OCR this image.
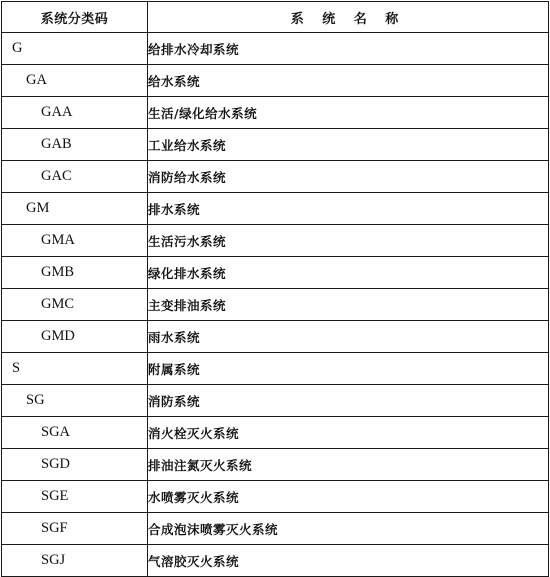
系统分类码	系 统 名 称
G	给排水冷却系统
GA	给水系统
GAA	生活/绿化给水系统
GAB	工业给水系统
GAC	消防给水系统
GM	排水系统
GMA	生活污水系统
GMB	绿化排水系统
GMC	主变排油系统
GMD	雨水系统
S	附属系统
SG	消防系统
SGA	消火栓灭火系统
SGD	排油注氮灭火系统
SGE	水喷雾灭火系统
SGF	合成泡沫喷雾灭火系统
SGJ	气溶胶灭火系统
